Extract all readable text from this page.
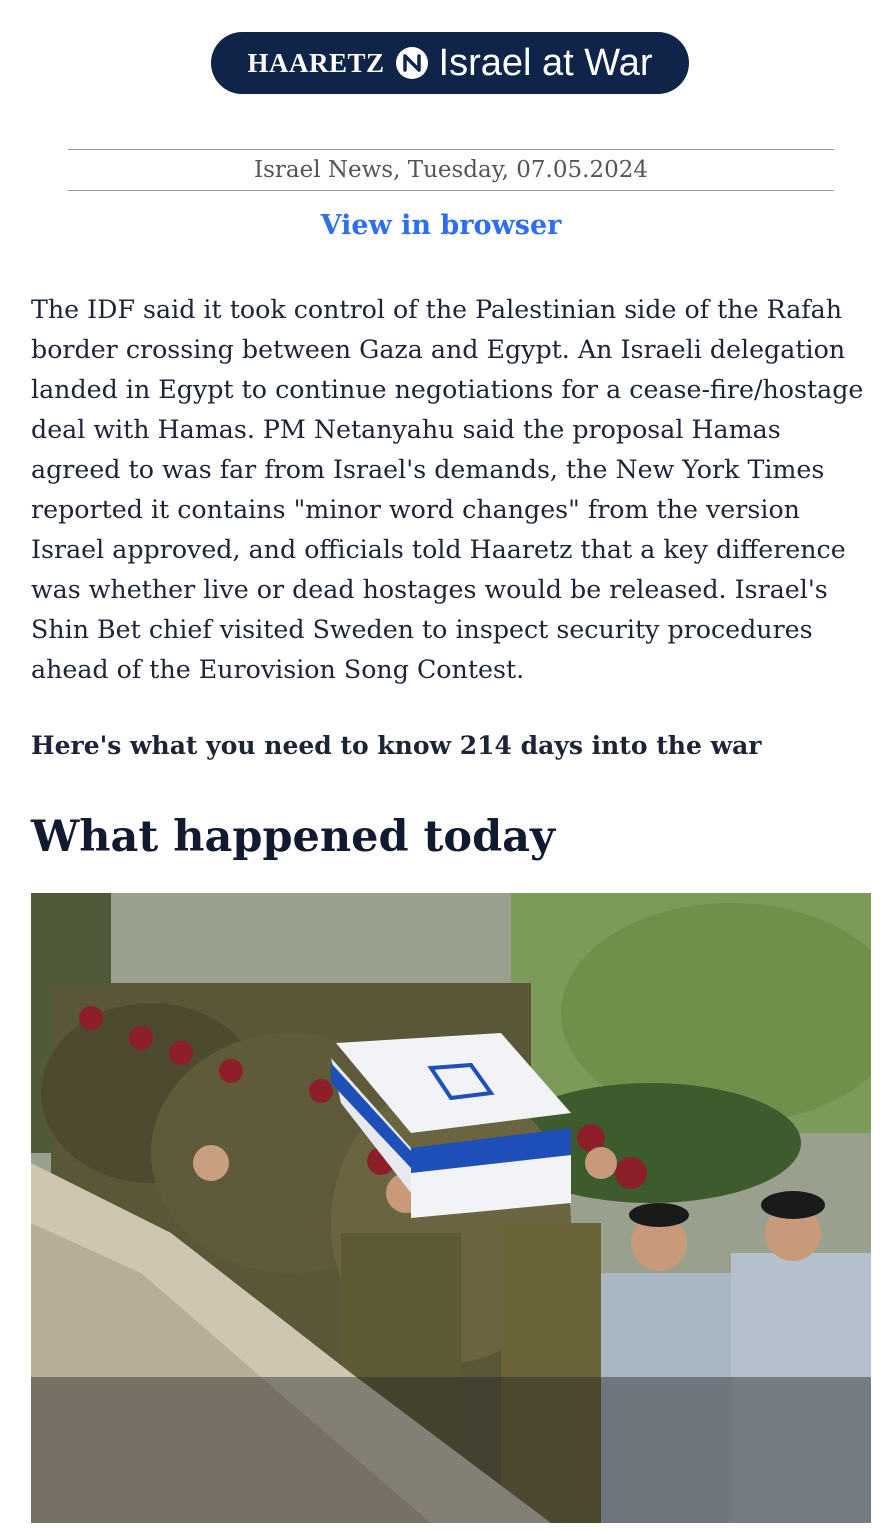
HAARETZ Israel at War
Israel News, Tuesday, 07.05.2024
View in browser

The IDF said it took control of the Palestinian side of the Rafah border crossing between Gaza and Egypt. An Israeli delegation landed in Egypt to continue negotiations for a cease-fire/hostage deal with Hamas. PM Netanyahu said the proposal Hamas agreed to was far from Israel's demands, the New York Times reported it contains "minor word changes" from the version Israel approved, and officials told Haaretz that a key difference was whether live or dead hostages would be released. Israel's Shin Bet chief visited Sweden to inspect security procedures ahead of the Eurovision Song Contest.

Here's what you need to know 214 days into the war

What happened today
